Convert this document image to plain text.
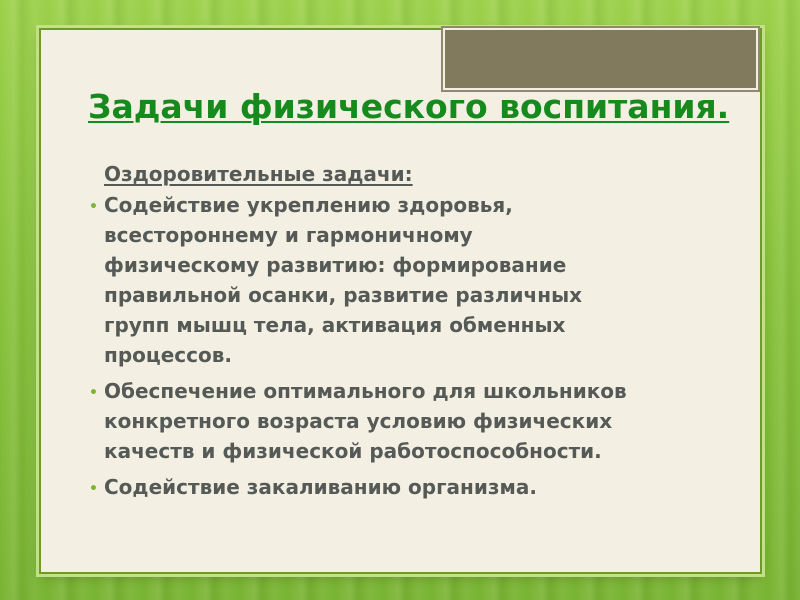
Задачи физического воспитания.
Оздоровительные задачи:
• Содействие укреплению здоровья,
всестороннему и гармоничному
физическому развитию: формирование
правильной осанки, развитие различных
групп мышц тела, активация обменных
процессов.
• Обеспечение оптимального для школьников
конкретного возраста условию физических
качеств и физической работоспособности.
• Содействие закаливанию организма.
